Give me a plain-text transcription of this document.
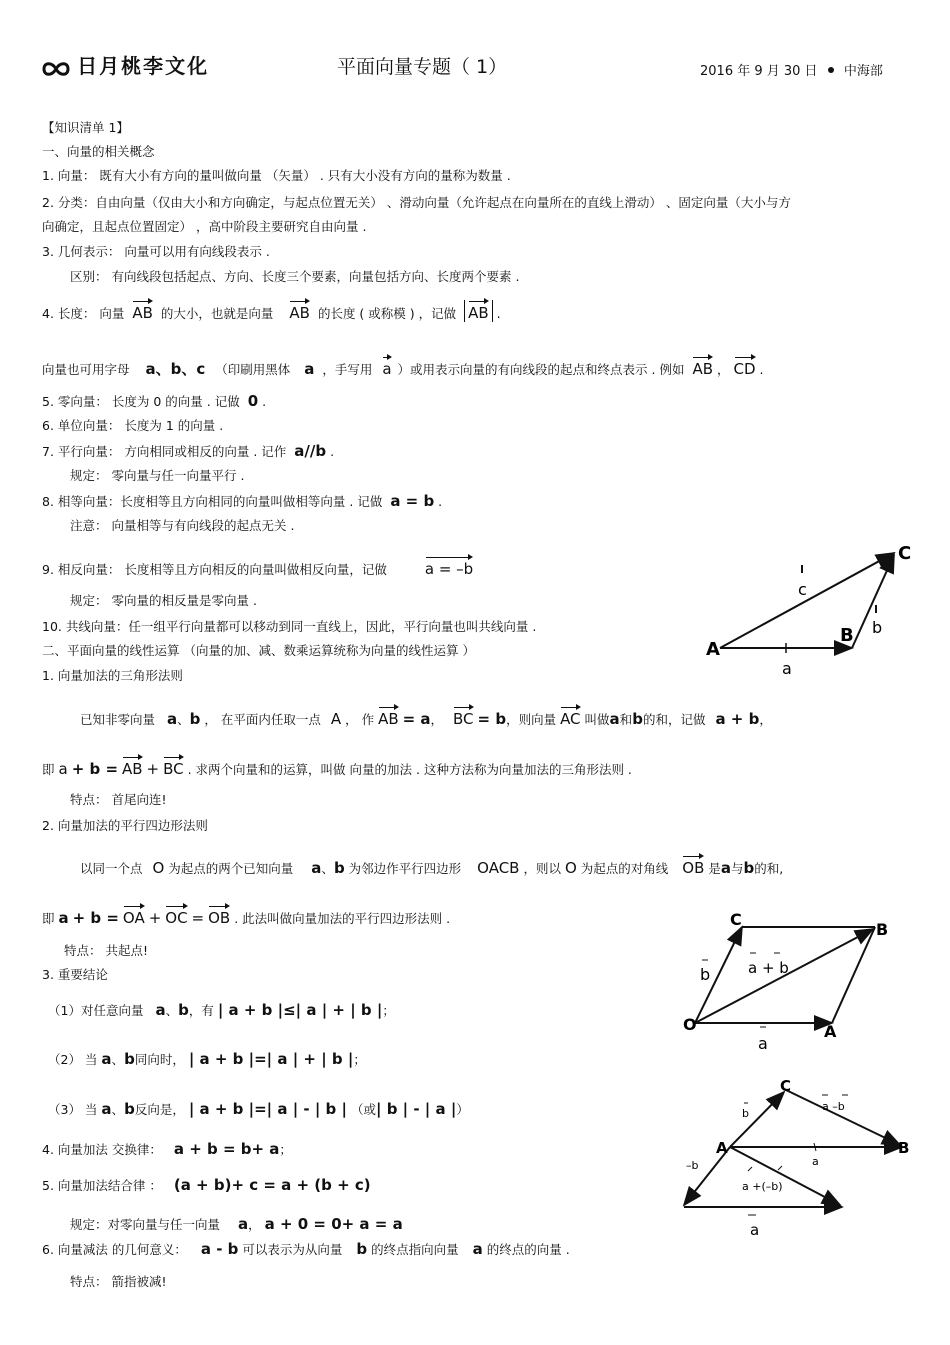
日月桃李文化	平面向量专题（ 1）	2016 年 9 月 30 日 中海部
【知识清单 1】
一、向量的相关概念
1. 向量： 既有大小有方向的量叫做向量 （矢量） . 只有大小没有方向的量称为数量 .
2. 分类：自由向量（仅由大小和方向确定，与起点位置无关） 、滑动向量（允许起点在向量所在的直线上滑动） 、固定向量（大小与方
向确定，且起点位置固定） ，高中阶段主要研究自由向量 .
3. 几何表示： 向量可以用有向线段表示 .
区别： 有向线段包括起点、方向、长度三个要素，向量包括方向、长度两个要素 .
4. 长度： 向量 AB 的大小，也就是向量 AB 的长度 ( 或称模 ) ，记做 AB .
向量也可用字母 a、b、c （印刷用黑体 a ，手写用 a ）或用表示向量的有向线段的起点和终点表示 . 例如 AB ， CD .
5. 零向量： 长度为 0 的向量 . 记做 0 .
6. 单位向量： 长度为 1 的向量 .
7. 平行向量： 方向相同或相反的向量 . 记作 a//b .
规定： 零向量与任一向量平行 .
8. 相等向量：长度相等且方向相同的向量叫做相等向量 . 记做 a = b .
注意： 向量相等与有向线段的起点无关 .
9. 相反向量： 长度相等且方向相反的向量叫做相反向量，记做	a = –b
规定： 零向量的相反量是零向量 .
10. 共线向量：任一组平行向量都可以移动到同一直线上，因此，平行向量也叫共线向量 .
二、平面向量的线性运算 （向量的加、减、数乘运算统称为向量的线性运算 ）
1. 向量加法的三角形法则
已知非零向量 a、b ， 在平面内任取一点 A ， 作 AB = a， BC = b，则向量 AC 叫做a和b的和，记做 a + b，
即 a + b = AB + BC . 求两个向量和的运算，叫做 向量的加法 . 这种方法称为向量加法的三角形法则 .
特点： 首尾向连!
2. 向量加法的平行四边形法则
以同一个点 O 为起点的两个已知向量 a、b 为邻边作平行四边形 OACB ，则以 O 为起点的对角线 OB 是a与b的和,
即 a + b = OA + OC = OB . 此法叫做向量加法的平行四边形法则 .
特点： 共起点!
3. 重要结论
（1）对任意向量 a、b，有 | a + b |≤| a | + | b |；
（2） 当 a、b同向时， | a + b |=| a | + | b |；
（3） 当 a、b反向是， | a + b |=| a | - | b | （或| b | - | a |）
4. 向量加法 交换律： a + b = b+ a；
5. 向量加法结合律 ： (a + b)+ c = a + (b + c)
规定：对零向量与任一向量 a， a + 0 = 0+ a = a
6. 向量减法 的几何意义： a - b 可以表示为从向量 b 的终点指向向量 a 的终点的向量 .
特点： 箭指被减!
A
B
C
a
b
c
O	A
B
C
a
b	a + b
A	B
C
b
a –b
a
–b
a +(–b)
a
